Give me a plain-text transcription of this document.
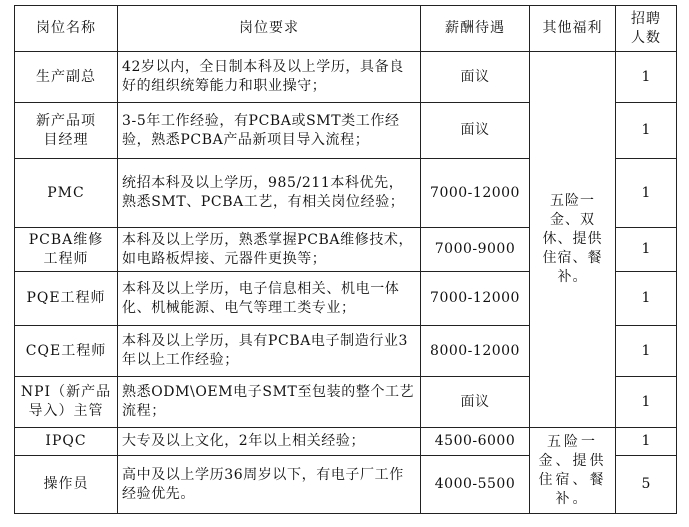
岗位名称	岗位要求	薪酬待遇	其他福利	招聘人数
生产副总	42岁以内，全日制本科及以上学历，具备良好的组织统筹能力和职业操守；	面议	五险一金、双休、提供住宿、餐补。	1
新产品项目经理	3-5年工作经验，有PCBA或SMT类工作经验，熟悉PCBA产品新项目导入流程；	面议		1
PMC	统招本科及以上学历，985/211本科优先，熟悉SMT、PCBA工艺，有相关岗位经验；	7000-12000		1
PCBA维修工程师	本科及以上学历，熟悉掌握PCBA维修技术，如电路板焊接、元器件更换等；	7000-9000		1
PQE工程师	本科及以上学历，电子信息相关、机电一体化、机械能源、电气等理工类专业；	7000-12000		1
CQE工程师	本科及以上学历，具有PCBA电子制造行业3年以上工作经验；	8000-12000		1
NPI（新产品导入）主管	熟悉ODM\OEM电子SMT至包装的整个工艺流程；	面议		1
IPQC	大专及以上文化，2年以上相关经验；	4500-6000	五险一金、提供住宿、餐补。	1
操作员	高中及以上学历36周岁以下，有电子厂工作经验优先。	4000-5500		5
